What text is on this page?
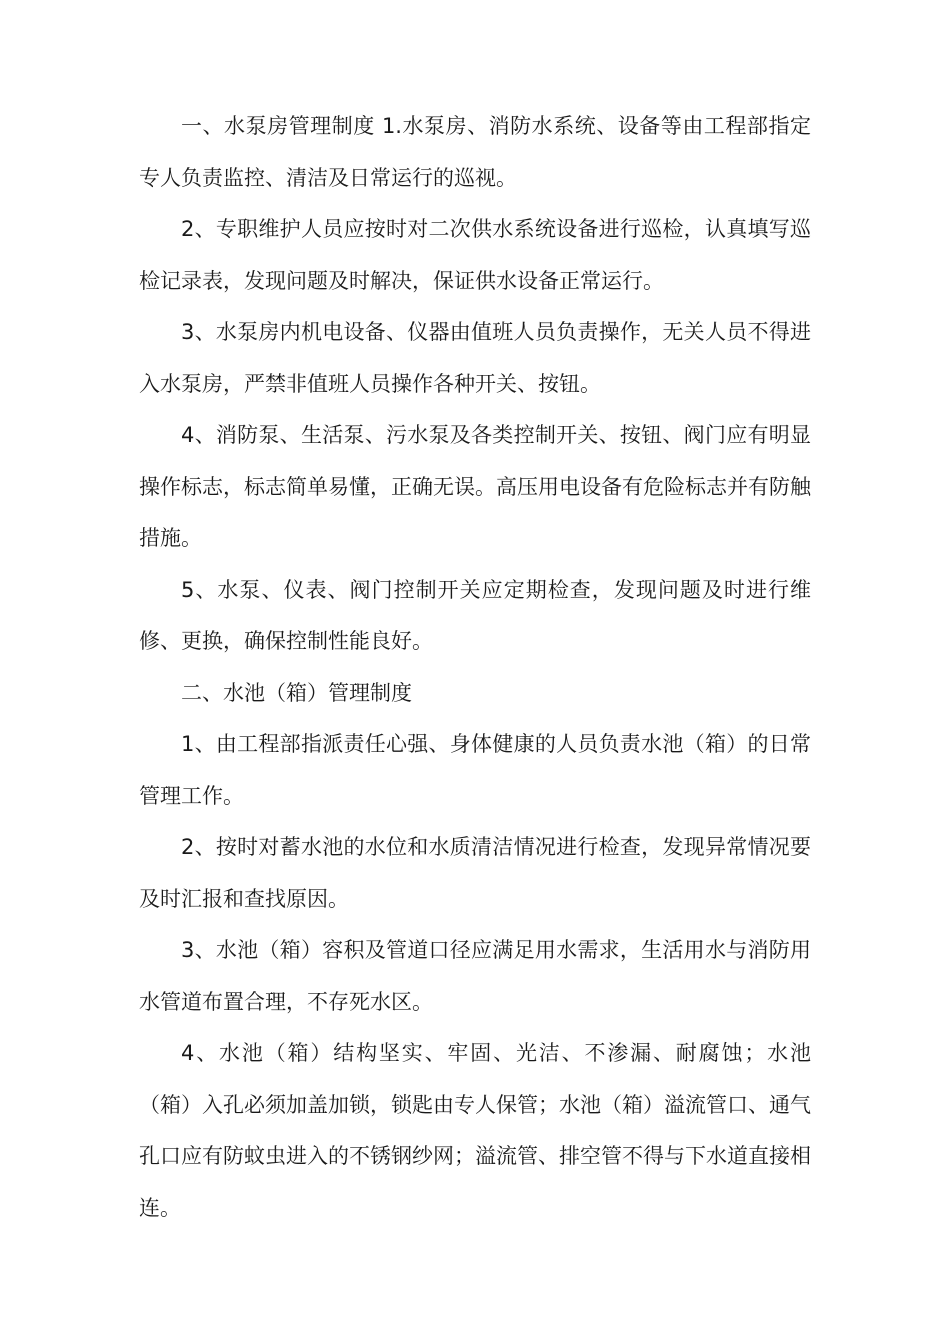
一、水泵房管理制度 1.水泵房、消防水系统、设备等由工程部指定专人负责监控、清洁及日常运行的巡视。

2、专职维护人员应按时对二次供水系统设备进行巡检，认真填写巡检记录表，发现问题及时解决，保证供水设备正常运行。

3、水泵房内机电设备、仪器由值班人员负责操作，无关人员不得进入水泵房，严禁非值班人员操作各种开关、按钮。

4、消防泵、生活泵、污水泵及各类控制开关、按钮、阀门应有明显操作标志，标志简单易懂，正确无误。高压用电设备有危险标志并有防触措施。

5、水泵、仪表、阀门控制开关应定期检查，发现问题及时进行维修、更换，确保控制性能良好。

二、水池（箱）管理制度

1、由工程部指派责任心强、身体健康的人员负责水池（箱）的日常管理工作。

2、按时对蓄水池的水位和水质清洁情况进行检查，发现异常情况要及时汇报和查找原因。

3、水池（箱）容积及管道口径应满足用水需求，生活用水与消防用水管道布置合理，不存死水区。

4、水池（箱）结构坚实、牢固、光洁、不渗漏、耐腐蚀；水池（箱）入孔必须加盖加锁，锁匙由专人保管；水池（箱）溢流管口、通气孔口应有防蚊虫进入的不锈钢纱网；溢流管、排空管不得与下水道直接相连。
